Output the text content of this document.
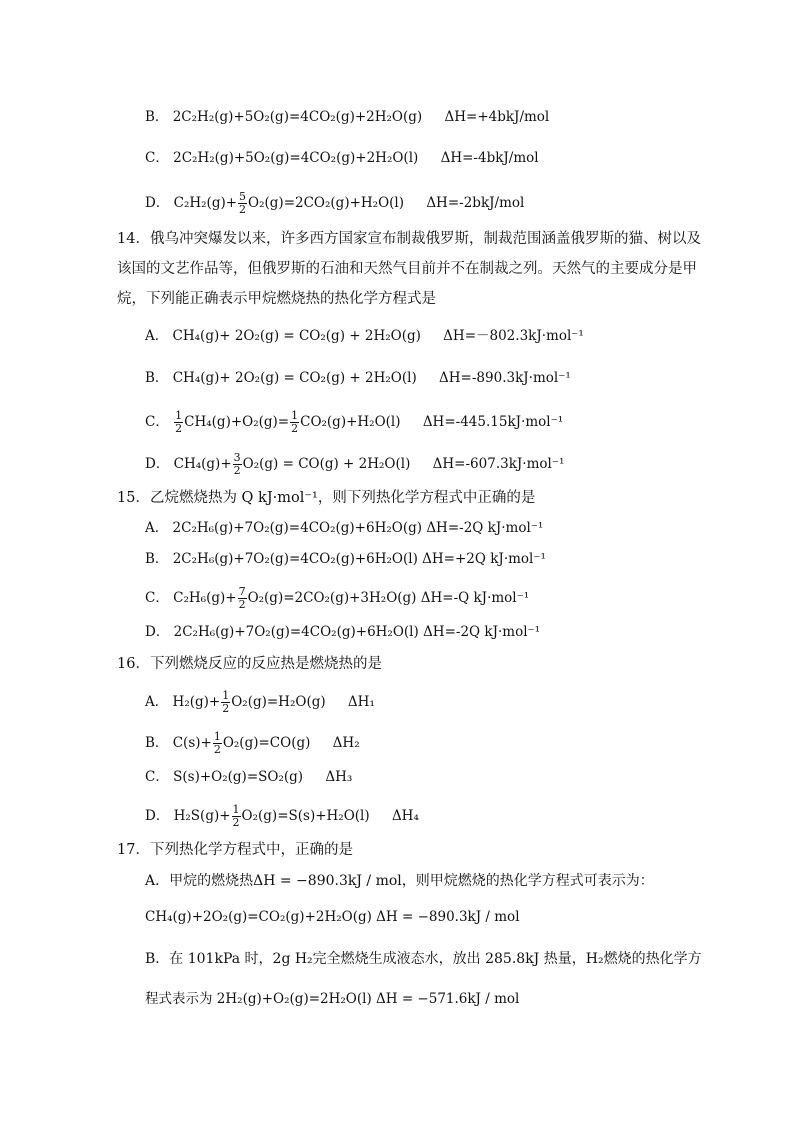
B． 2C₂H₂(g)+5O₂(g)=4CO₂(g)+2H₂O(g) ΔH=+4bkJ/mol
C． 2C₂H₂(g)+5O₂(g)=4CO₂(g)+2H₂O(l) ΔH=-4bkJ/mol
D． $C_2H_2(g)+ \frac{5}{2} O_2(g)=2CO_2(g)+H_2O(l)$ ΔH=-2bkJ/mol
14．俄乌冲突爆发以来，许多西方国家宣布制裁俄罗斯，制裁范围涵盖俄罗斯的猫、树以及
该国的文艺作品等，但俄罗斯的石油和天然气目前并不在制裁之列。天然气的主要成分是甲
烷，下列能正确表示甲烷燃烧热的热化学方程式是
A． CH₄(g)+ 2O₂(g) = CO₂(g) + 2H₂O(g) ΔH=－802.3kJ·mol⁻¹
B． CH₄(g)+ 2O₂(g) = CO₂(g) + 2H₂O(l) ΔH=-890.3kJ·mol⁻¹
C． $\frac{1}{2} CH_4(g)+O_2(g)= \frac{1}{2} CO_2(g)+H_2O(l)$ ΔH=-445.15kJ·mol⁻¹
D． $CH_4(g)+ \frac{3}{2} O_2(g) = CO(g) + 2H_2O(l)$ ΔH=-607.3kJ·mol⁻¹
15．乙烷燃烧热为 Q kJ·mol⁻¹，则下列热化学方程式中正确的是
A． 2C₂H₆(g)+7O₂(g)=4CO₂(g)+6H₂O(g) ΔH=-2Q kJ·mol⁻¹
B． 2C₂H₆(g)+7O₂(g)=4CO₂(g)+6H₂O(l) ΔH=+2Q kJ·mol⁻¹
C． $C_2H_6(g)+ \frac{7}{2} O_2(g)=2CO_2(g)+3H_2O(g)$ ΔH=-Q kJ·mol⁻¹
D． 2C₂H₆(g)+7O₂(g)=4CO₂(g)+6H₂O(l) ΔH=-2Q kJ·mol⁻¹
16．下列燃烧反应的反应热是燃烧热的是
A． $H_2(g)+ \frac{1}{2} O_2(g)=H_2O(g)$ ΔH₁
B． $C(s)+ \frac{1}{2} O_2(g)=CO(g)$ ΔH₂
C． S(s)+O₂(g)=SO₂(g) ΔH₃
D． $H_2S(g)+ \frac{1}{2} O_2(g)=S(s)+H_2O(l)$ ΔH₄
17．下列热化学方程式中，正确的是
A．甲烷的燃烧热ΔH = −890.3kJ / mol，则甲烷燃烧的热化学方程式可表示为：
CH₄(g)+2O₂(g)=CO₂(g)+2H₂O(g) ΔH = −890.3kJ / mol
B．在 101kPa 时，2g H₂完全燃烧生成液态水，放出 285.8kJ 热量，H₂燃烧的热化学方
程式表示为 2H₂(g)+O₂(g)=2H₂O(l) ΔH = −571.6kJ / mol
